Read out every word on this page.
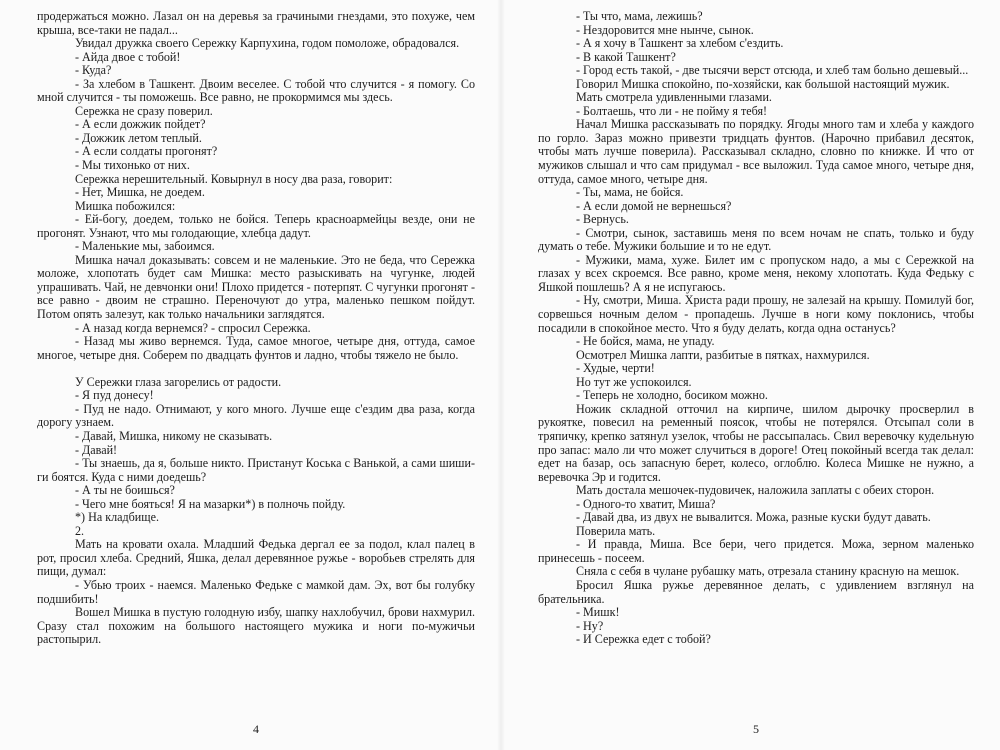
продержаться можно. Лазал он на деревья за грачиными гнездами, это похуже, чем крыша, все-таки не падал...

Увидал дружка своего Сережку Карпухина, годом помоложе, обрадовался.

- Айда двое с тобой!

- Куда?

- За хлебом в Ташкент. Двоим веселее. С тобой что случится - я помогу. Со мной случится - ты поможешь. Все равно, не прокормимся мы здесь.

Сережка не сразу поверил.

- А если дожжик пойдет?

- Дожжик летом теплый.

- А если солдаты прогонят?

- Мы тихонько от них.

Сережка нерешительный. Ковырнул в носу два раза, говорит:

- Нет, Мишка, не доедем.

Мишка побожился:

- Ей-богу, доедем, только не бойся. Теперь красноармейцы везде, они не прогонят. Узнают, что мы голодающие, хлебца дадут.

- Маленькие мы, забоимся.

Мишка начал доказывать: совсем и не маленькие. Это не беда, что Сережка моложе, хлопотать будет сам Мишка: место разыскивать на чугунке, людей упрашивать. Чай, не девчонки они! Плохо придется - потерпят. С чугунки прогонят - все равно - двоим не страшно. Переночуют до утра, маленько пешком пойдут. Потом опять залезут, как только начальники заглядятся.

- А назад когда вернемся? - спросил Сережка.

- Назад мы живо вернемся. Туда, самое многое, четыре дня, оттуда, самое многое, четыре дня. Соберем по двадцать фунтов и ладно, чтобы тяжело не было.

У Сережки глаза загорелись от радости.

- Я пуд донесу!

- Пуд не надо. Отнимают, у кого много. Лучше еще с'ездим два раза, когда дорогу узнаем.

- Давай, Мишка, никому не сказывать.

- Давай!

- Ты знаешь, да я, больше никто. Пристанут Коська с Ванькой, а сами шиши-ги боятся. Куда с ними доедешь?

- А ты не боишься?

- Чего мне бояться! Я на мазарки*) в полночь пойду.

*) На кладбище.

2.

Мать на кровати охала. Младший Федька дергал ее за подол, клал палец в рот, просил хлеба. Средний, Яшка, делал деревянное ружье - воробьев стрелять для пищи, думал:

- Убью троих - наемся. Маленько Федьке с мамкой дам. Эх, вот бы голубку подшибить!

Вошел Мишка в пустую голодную избу, шапку нахлобучил, брови нахмурил. Сразу стал похожим на большого настоящего мужика и ноги по-мужичьи растопырил.

4

- Ты что, мама, лежишь?

- Нездоровится мне нынче, сынок.

- А я хочу в Ташкент за хлебом с'ездить.

- В какой Ташкент?

- Город есть такой, - две тысячи верст отсюда, и хлеб там больно дешевый...

Говорил Мишка спокойно, по-хозяйски, как большой настоящий мужик.

Мать смотрела удивленными глазами.

- Болтаешь, что ли - не пойму я тебя!

Начал Мишка рассказывать по порядку. Ягоды много там и хлеба у каждого по горло. Зараз можно привезти тридцать фунтов. (Нарочно прибавил десяток, чтобы мать лучше поверила). Рассказывал складно, словно по книжке. И что от мужиков слышал и что сам придумал - все выложил. Туда самое много, четыре дня, оттуда, самое много, четыре дня.

- Ты, мама, не бойся.

- А если домой не вернешься?

- Вернусь.

- Смотри, сынок, заставишь меня по всем ночам не спать, только и буду думать о тебе. Мужики большие и то не едут.

- Мужики, мама, хуже. Билет им с пропуском надо, а мы с Сережкой на глазах у всех скроемся. Все равно, кроме меня, некому хлопотать. Куда Федьку с Яшкой пошлешь? А я не испугаюсь.

- Ну, смотри, Миша. Христа ради прошу, не залезай на крышу. Помилуй бог, сорвешься ночным делом - пропадешь. Лучше в ноги кому поклонись, чтобы посадили в спокойное место. Что я буду делать, когда одна останусь?

- Не бойся, мама, не упаду.

Осмотрел Мишка лапти, разбитые в пятках, нахмурился.

- Худые, черти!

Но тут же успокоился.

- Теперь не холодно, босиком можно.

Ножик складной отточил на кирпиче, шилом дырочку просверлил в рукоятке, повесил на ременный поясок, чтобы не потерялся. Отсыпал соли в тряпичку, крепко затянул узелок, чтобы не рассыпалась. Свил веревочку кудельную про запас: мало ли что может случиться в дороге! Отец покойный всегда так делал: едет на базар, ось запасную берет, колесо, оглоблю. Колеса Мишке не нужно, а веревочка Эр и годится.

Мать достала мешочек-пудовичек, наложила заплаты с обеих сторон.

- Одного-то хватит, Миша?

- Давай два, из двух не вывалится. Можа, разные куски будут давать.

Поверила мать.

- И правда, Миша. Все бери, чего придется. Можа, зерном маленько принесешь - посеем.

Сняла с себя в чулане рубашку мать, отрезала станину красную на мешок.

Бросил Яшка ружье деревянное делать, с удивлением взглянул на брательника.

- Мишк!

- Ну?

- И Сережка едет с тобой?

5
